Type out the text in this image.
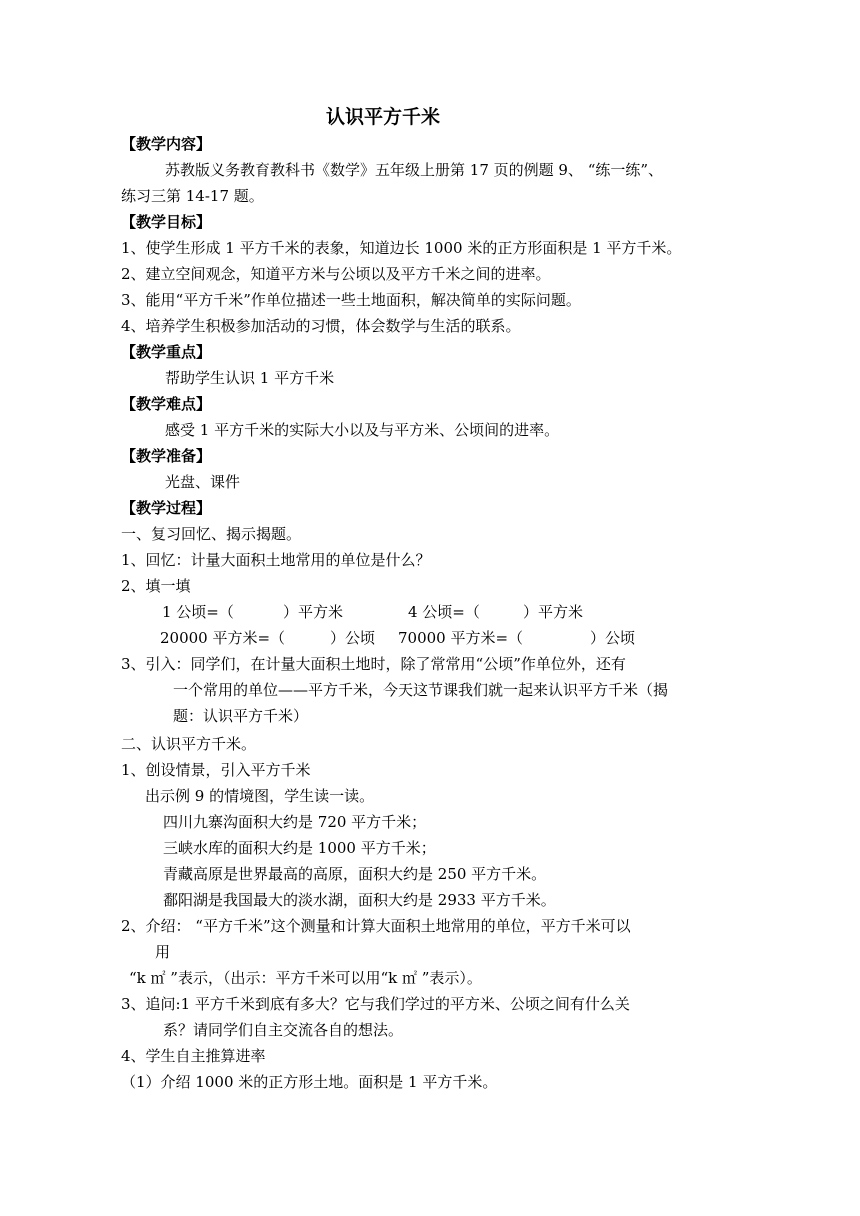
认识平方千米
【教学内容】
苏教版义务教育教科书《数学》五年级上册第 17 页的例题 9、 “练一练”、
练习三第 14-17 题。
【教学目标】
1、使学生形成 1 平方千米的表象，知道边长 1000 米的正方形面积是 1 平方千米。
2、建立空间观念，知道平方米与公顷以及平方千米之间的进率。
3、能用“平方千米”作单位描述一些土地面积，解决简单的实际问题。
4、培养学生积极参加活动的习惯，体会数学与生活的联系。
【教学重点】
帮助学生认识 1 平方千米
【教学难点】
感受 1 平方千米的实际大小以及与平方米、公顷间的进率。
【教学准备】
光盘、课件
【教学过程】
一、复习回忆、揭示揭题。
1、回忆：计量大面积土地常用的单位是什么？
2、填一填
1 公顷=（	）平方米	4 公顷=（	）平方米
20000 平方米=（	）公顷 70000 平方米=（	）公顷
3、引入：同学们，在计量大面积土地时，除了常常用“公顷”作单位外，还有
一个常用的单位——平方千米，今天这节课我们就一起来认识平方千米（揭
题：认识平方千米）
二、认识平方千米。
1、创设情景，引入平方千米
出示例 9 的情境图，学生读一读。
四川九寨沟面积大约是 720 平方千米；
三峡水库的面积大约是 1000 平方千米；
青藏高原是世界最高的高原，面积大约是 250 平方千米。
鄱阳湖是我国最大的淡水湖，面积大约是 2933 平方千米。
2、介绍： “平方千米”这个测量和计算大面积土地常用的单位，平方千米可以
用
“k ㎡ ”表示，（出示：平方千米可以用“k ㎡ ”表示）。
3、追问:1 平方千米到底有多大？它与我们学过的平方米、公顷之间有什么关
系？请同学们自主交流各自的想法。
4、学生自主推算进率
（1）介绍 1000 米的正方形土地。面积是 1 平方千米。
